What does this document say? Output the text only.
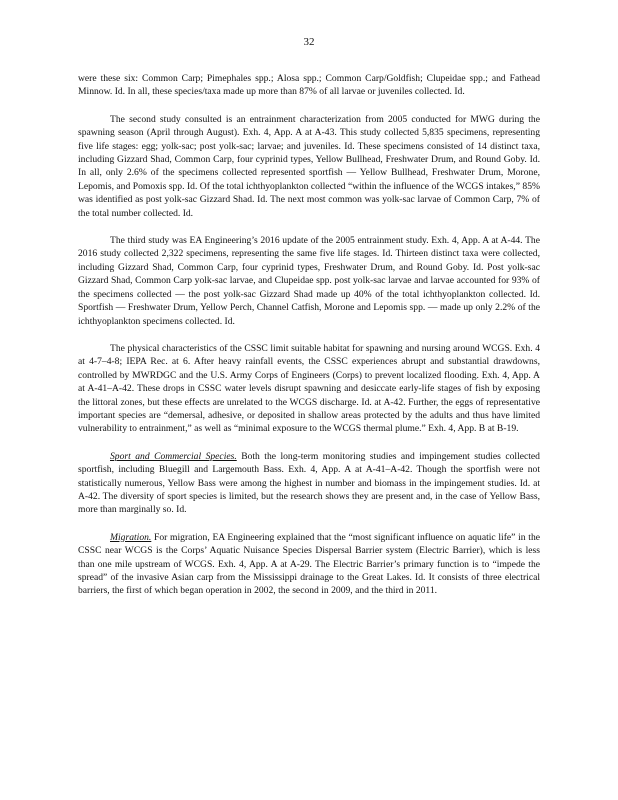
32

were these six: Common Carp; Pimephales spp.; Alosa spp.; Common Carp/Goldfish; Clupeidae spp.; and Fathead Minnow. Id. In all, these species/taxa made up more than 87% of all larvae or juveniles collected. Id.

The second study consulted is an entrainment characterization from 2005 conducted for MWG during the spawning season (April through August). Exh. 4, App. A at A-43. This study collected 5,835 specimens, representing five life stages: egg; yolk-sac; post yolk-sac; larvae; and juveniles. Id. These specimens consisted of 14 distinct taxa, including Gizzard Shad, Common Carp, four cyprinid types, Yellow Bullhead, Freshwater Drum, and Round Goby. Id. In all, only 2.6% of the specimens collected represented sportfish — Yellow Bullhead, Freshwater Drum, Morone, Lepomis, and Pomoxis spp. Id. Of the total ichthyoplankton collected “within the influence of the WCGS intakes,” 85% was identified as post yolk-sac Gizzard Shad. Id. The next most common was yolk-sac larvae of Common Carp, 7% of the total number collected. Id.

The third study was EA Engineering’s 2016 update of the 2005 entrainment study. Exh. 4, App. A at A-44. The 2016 study collected 2,322 specimens, representing the same five life stages. Id. Thirteen distinct taxa were collected, including Gizzard Shad, Common Carp, four cyprinid types, Freshwater Drum, and Round Goby. Id. Post yolk-sac Gizzard Shad, Common Carp yolk-sac larvae, and Clupeidae spp. post yolk-sac larvae and larvae accounted for 93% of the specimens collected — the post yolk-sac Gizzard Shad made up 40% of the total ichthyoplankton collected. Id. Sportfish — Freshwater Drum, Yellow Perch, Channel Catfish, Morone and Lepomis spp. — made up only 2.2% of the ichthyoplankton specimens collected. Id.

The physical characteristics of the CSSC limit suitable habitat for spawning and nursing around WCGS. Exh. 4 at 4-7–4-8; IEPA Rec. at 6. After heavy rainfall events, the CSSC experiences abrupt and substantial drawdowns, controlled by MWRDGC and the U.S. Army Corps of Engineers (Corps) to prevent localized flooding. Exh. 4, App. A at A-41–A-42. These drops in CSSC water levels disrupt spawning and desiccate early-life stages of fish by exposing the littoral zones, but these effects are unrelated to the WCGS discharge. Id. at A-42. Further, the eggs of representative important species are “demersal, adhesive, or deposited in shallow areas protected by the adults and thus have limited vulnerability to entrainment,” as well as “minimal exposure to the WCGS thermal plume.” Exh. 4, App. B at B-19.

Sport and Commercial Species. Both the long-term monitoring studies and impingement studies collected sportfish, including Bluegill and Largemouth Bass. Exh. 4, App. A at A-41–A-42. Though the sportfish were not statistically numerous, Yellow Bass were among the highest in number and biomass in the impingement studies. Id. at A-42. The diversity of sport species is limited, but the research shows they are present and, in the case of Yellow Bass, more than marginally so. Id.

Migration. For migration, EA Engineering explained that the “most significant influence on aquatic life” in the CSSC near WCGS is the Corps’ Aquatic Nuisance Species Dispersal Barrier system (Electric Barrier), which is less than one mile upstream of WCGS. Exh. 4, App. A at A-29. The Electric Barrier’s primary function is to “impede the spread” of the invasive Asian carp from the Mississippi drainage to the Great Lakes. Id. It consists of three electrical barriers, the first of which began operation in 2002, the second in 2009, and the third in 2011.
